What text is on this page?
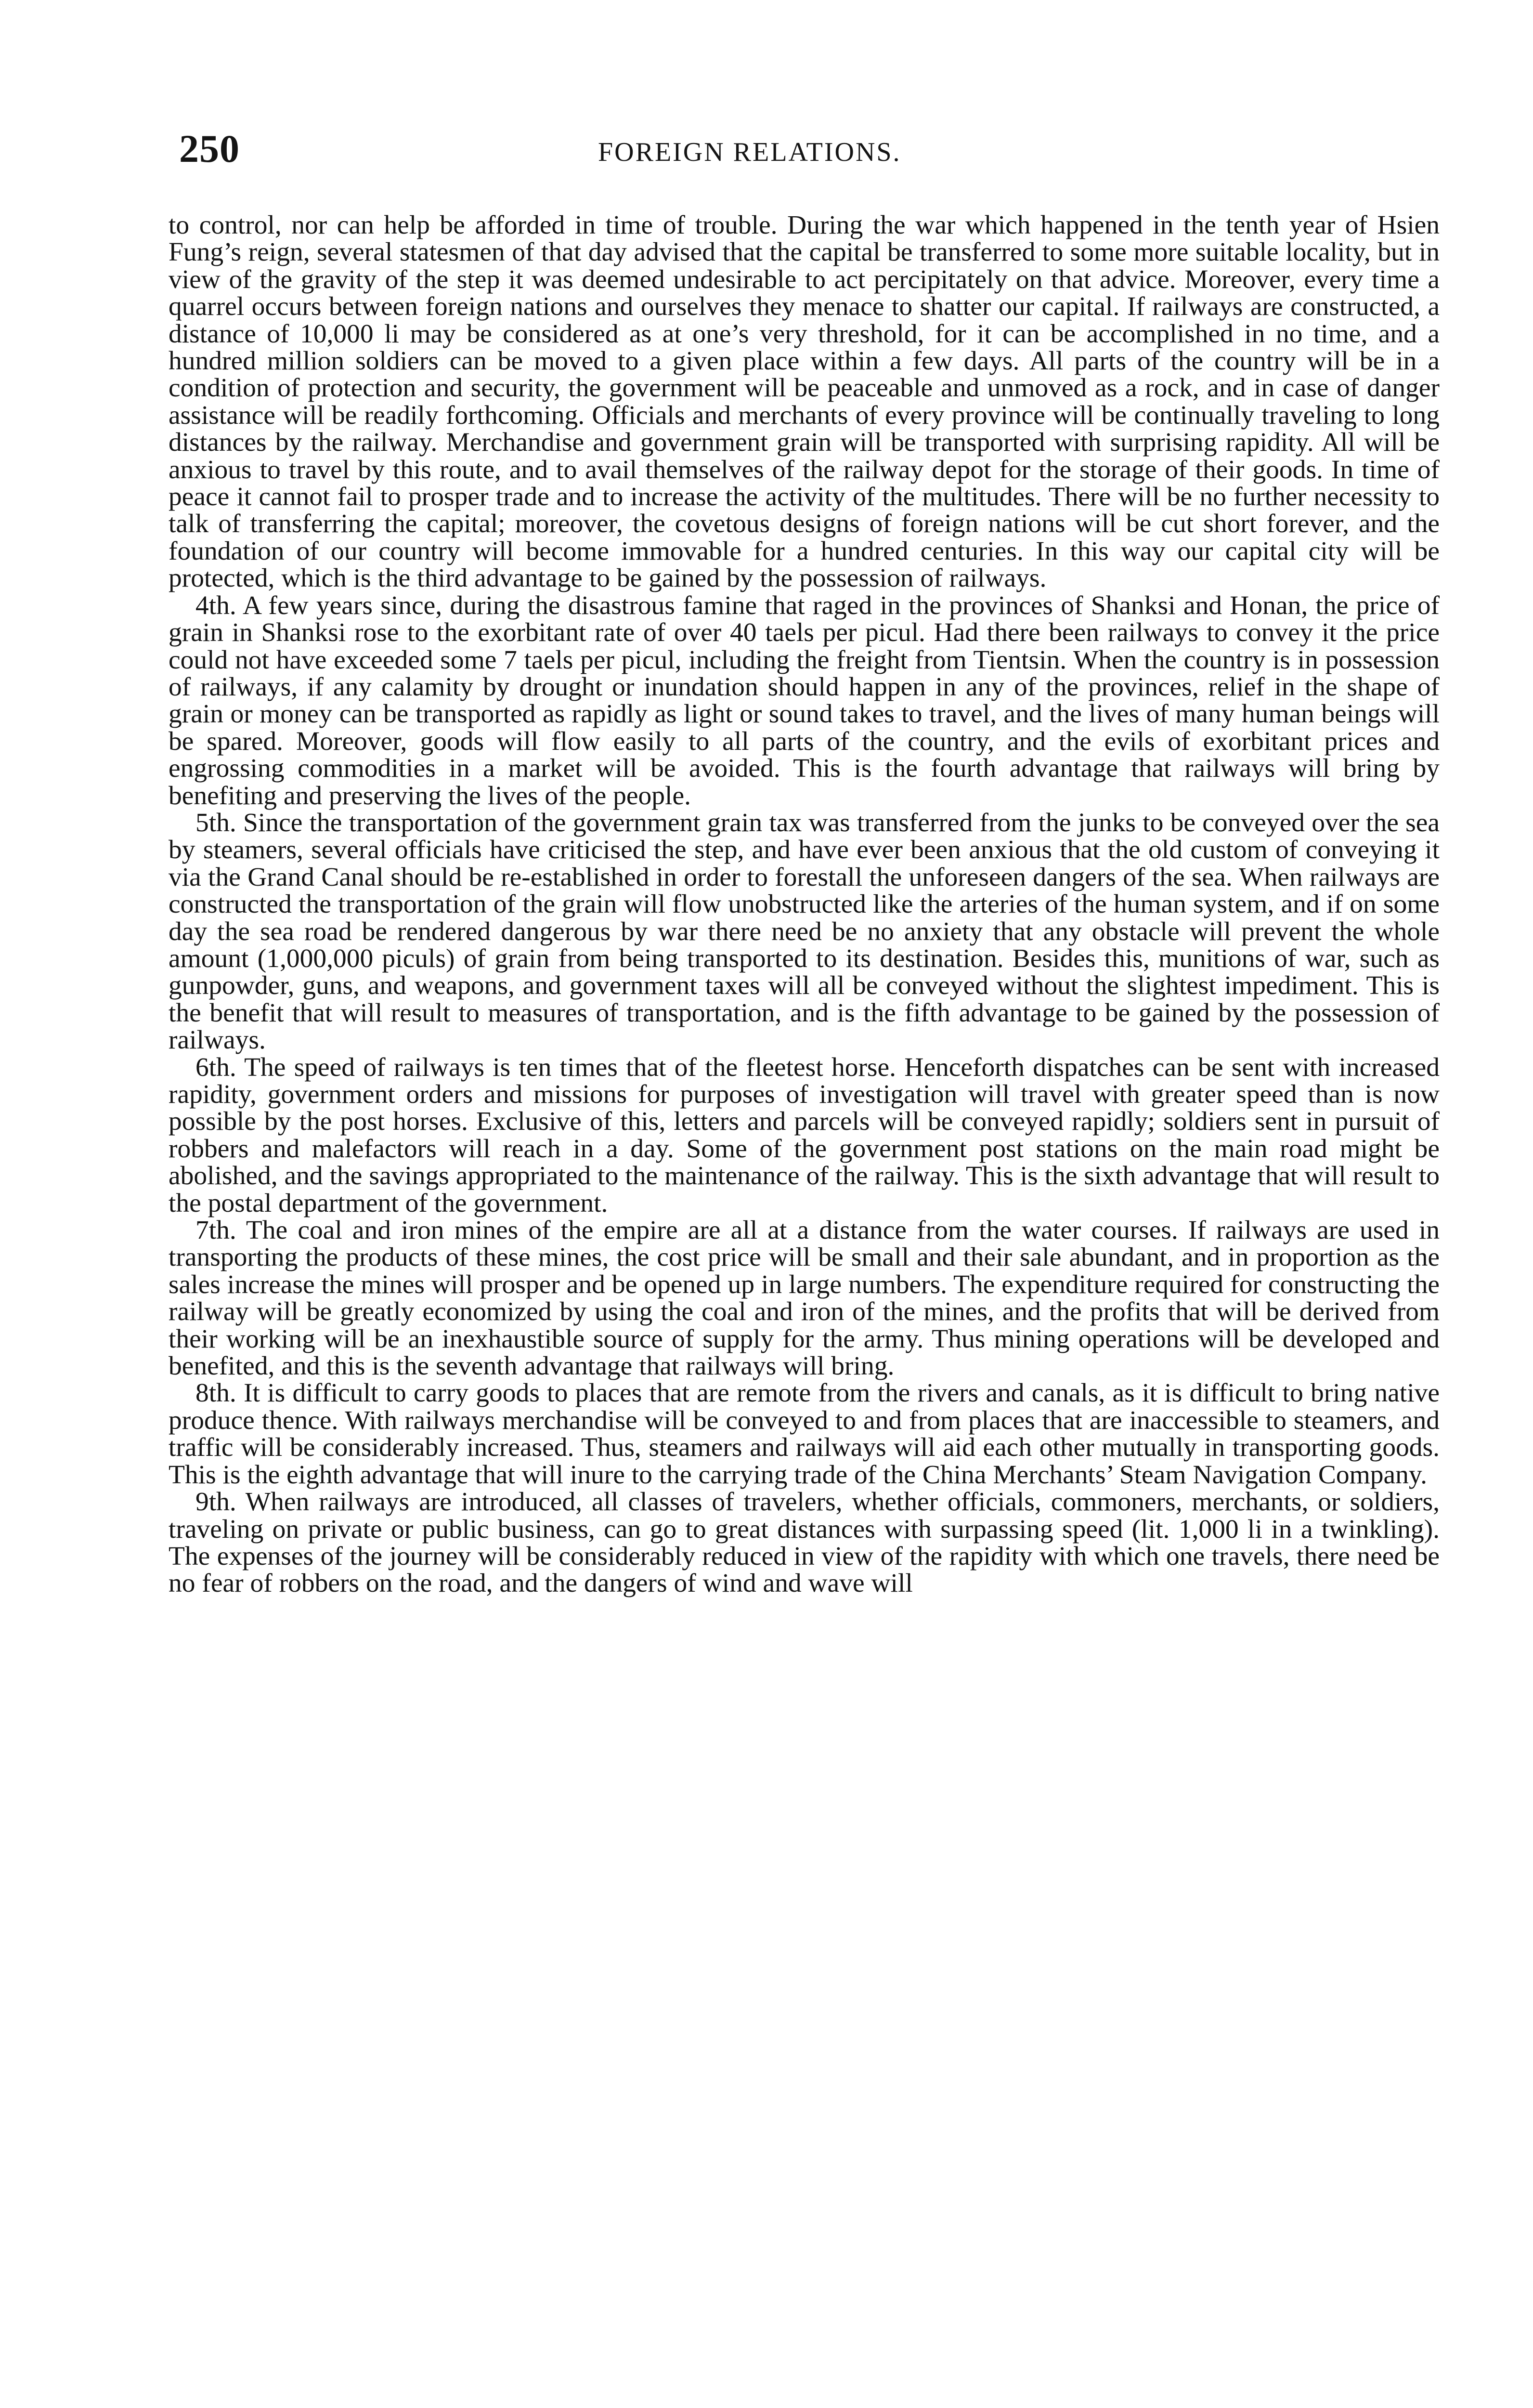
250	FOREIGN RELATIONS.

to control, nor can help be afforded in time of trouble. During the war which happened in the tenth year of Hsien Fung’s reign, several statesmen of that day advised that the capital be transferred to some more suitable locality, but in view of the gravity of the step it was deemed undesirable to act percipitately on that advice. Moreover, every time a quarrel occurs between foreign nations and ourselves they menace to shatter our capital. If railways are constructed, a distance of 10,000 li may be considered as at one’s very threshold, for it can be accomplished in no time, and a hundred million soldiers can be moved to a given place within a few days. All parts of the country will be in a condition of protection and security, the government will be peaceable and unmoved as a rock, and in case of danger assistance will be readily forthcoming. Officials and merchants of every province will be continually traveling to long distances by the railway. Merchandise and government grain will be transported with surprising rapidity. All will be anxious to travel by this route, and to avail themselves of the railway depot for the storage of their goods. In time of peace it cannot fail to prosper trade and to increase the activity of the multitudes. There will be no further necessity to talk of transferring the capital; moreover, the covetous designs of foreign nations will be cut short forever, and the foundation of our country will become immovable for a hundred centuries. In this way our capital city will be protected, which is the third advantage to be gained by the possession of railways.

4th. A few years since, during the disastrous famine that raged in the provinces of Shanksi and Honan, the price of grain in Shanksi rose to the exorbitant rate of over 40 taels per picul. Had there been railways to convey it the price could not have exceeded some 7 taels per picul, including the freight from Tientsin. When the country is in possession of railways, if any calamity by drought or inundation should happen in any of the provinces, relief in the shape of grain or money can be transported as rapidly as light or sound takes to travel, and the lives of many human beings will be spared. Moreover, goods will flow easily to all parts of the country, and the evils of exorbitant prices and engrossing commodities in a market will be avoided. This is the fourth advantage that railways will bring by benefiting and preserving the lives of the people.

5th. Since the transportation of the government grain tax was transferred from the junks to be conveyed over the sea by steamers, several officials have criticised the step, and have ever been anxious that the old custom of conveying it via the Grand Canal should be re-established in order to forestall the unforeseen dangers of the sea. When railways are constructed the transportation of the grain will flow unobstructed like the arteries of the human system, and if on some day the sea road be rendered dangerous by war there need be no anxiety that any obstacle will prevent the whole amount (1,000,000 piculs) of grain from being transported to its destination. Besides this, munitions of war, such as gunpowder, guns, and weapons, and government taxes will all be conveyed without the slightest impediment. This is the benefit that will result to measures of transportation, and is the fifth advantage to be gained by the possession of railways.

6th. The speed of railways is ten times that of the fleetest horse. Henceforth dispatches can be sent with increased rapidity, government orders and missions for purposes of investigation will travel with greater speed than is now possible by the post horses. Exclusive of this, letters and parcels will be conveyed rapidly; soldiers sent in pursuit of robbers and malefactors will reach in a day. Some of the government post stations on the main road might be abolished, and the savings appropriated to the maintenance of the railway. This is the sixth advantage that will result to the postal department of the government.

7th. The coal and iron mines of the empire are all at a distance from the water courses. If railways are used in transporting the products of these mines, the cost price will be small and their sale abundant, and in proportion as the sales increase the mines will prosper and be opened up in large numbers. The expenditure required for constructing the railway will be greatly economized by using the coal and iron of the mines, and the profits that will be derived from their working will be an inexhaustible source of supply for the army. Thus mining operations will be developed and benefited, and this is the seventh advantage that railways will bring.

8th. It is difficult to carry goods to places that are remote from the rivers and canals, as it is difficult to bring native produce thence. With railways merchandise will be conveyed to and from places that are inaccessible to steamers, and traffic will be considerably increased. Thus, steamers and railways will aid each other mutually in transporting goods. This is the eighth advantage that will inure to the carrying trade of the China Merchants’ Steam Navigation Company.

9th. When railways are introduced, all classes of travelers, whether officials, commoners, merchants, or soldiers, traveling on private or public business, can go to great distances with surpassing speed (lit. 1,000 li in a twinkling). The expenses of the journey will be considerably reduced in view of the rapidity with which one travels, there need be no fear of robbers on the road, and the dangers of wind and wave will
